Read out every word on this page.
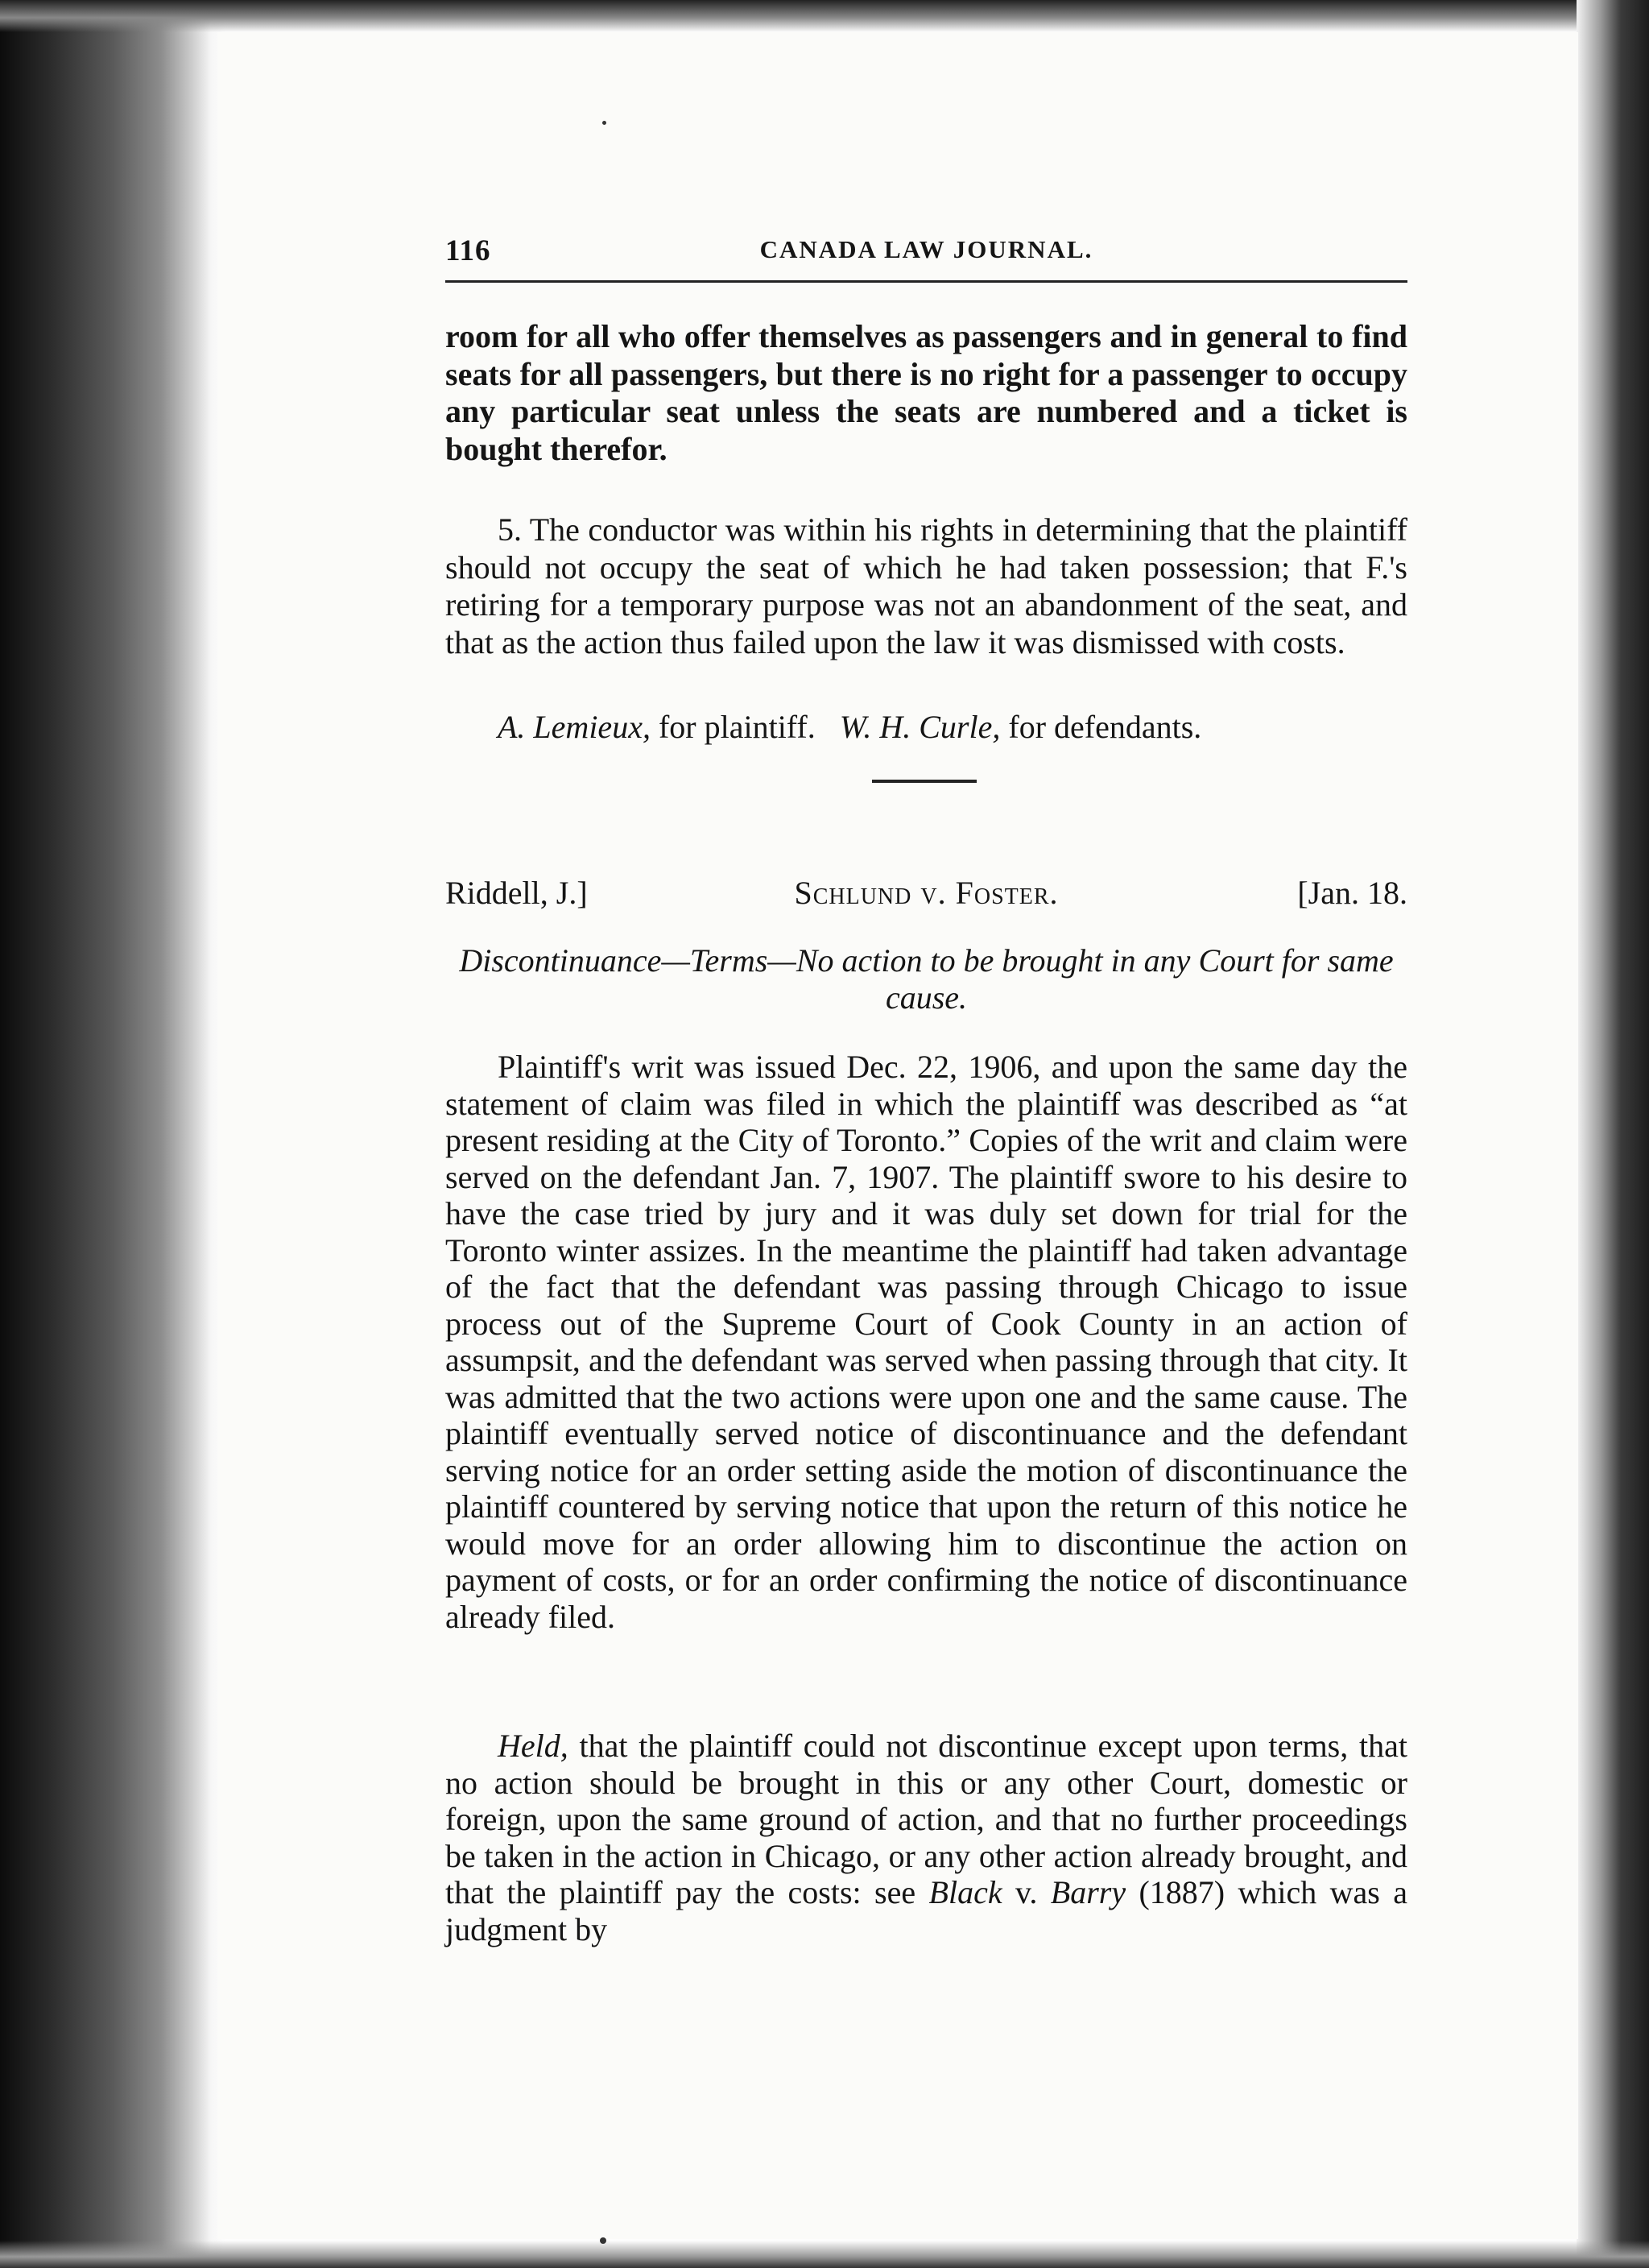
116	CANADA LAW JOURNAL.

room for all who offer themselves as passengers and in general to find seats for all passengers, but there is no right for a passenger to occupy any particular seat unless the seats are numbered and a ticket is bought therefor.

5. The conductor was within his rights in determining that the plaintiff should not occupy the seat of which he had taken possession; that F.'s retiring for a temporary purpose was not an abandonment of the seat, and that as the action thus failed upon the law it was dismissed with costs.

A. Lemieux, for plaintiff. W. H. Curle, for defendants.
Riddell, J.]	Schlund v. Foster.	[Jan. 18.
Discontinuance—Terms—No action to be brought in any Court for same cause.

Plaintiff's writ was issued Dec. 22, 1906, and upon the same day the statement of claim was filed in which the plaintiff was described as “at present residing at the City of Toronto.” Copies of the writ and claim were served on the defendant Jan. 7, 1907. The plaintiff swore to his desire to have the case tried by jury and it was duly set down for trial for the Toronto winter assizes. In the meantime the plaintiff had taken advantage of the fact that the defendant was passing through Chicago to issue process out of the Supreme Court of Cook County in an action of assumpsit, and the defendant was served when passing through that city. It was admitted that the two actions were upon one and the same cause. The plaintiff eventually served notice of discontinuance and the defendant serving notice for an order setting aside the motion of discontinuance the plaintiff countered by serving notice that upon the return of this notice he would move for an order allowing him to discontinue the action on payment of costs, or for an order confirming the notice of discontinuance already filed.

Held, that the plaintiff could not discontinue except upon terms, that no action should be brought in this or any other Court, domestic or foreign, upon the same ground of action, and that no further proceedings be taken in the action in Chicago, or any other action already brought, and that the plaintiff pay the costs: see Black v. Barry (1887) which was a judgment by
